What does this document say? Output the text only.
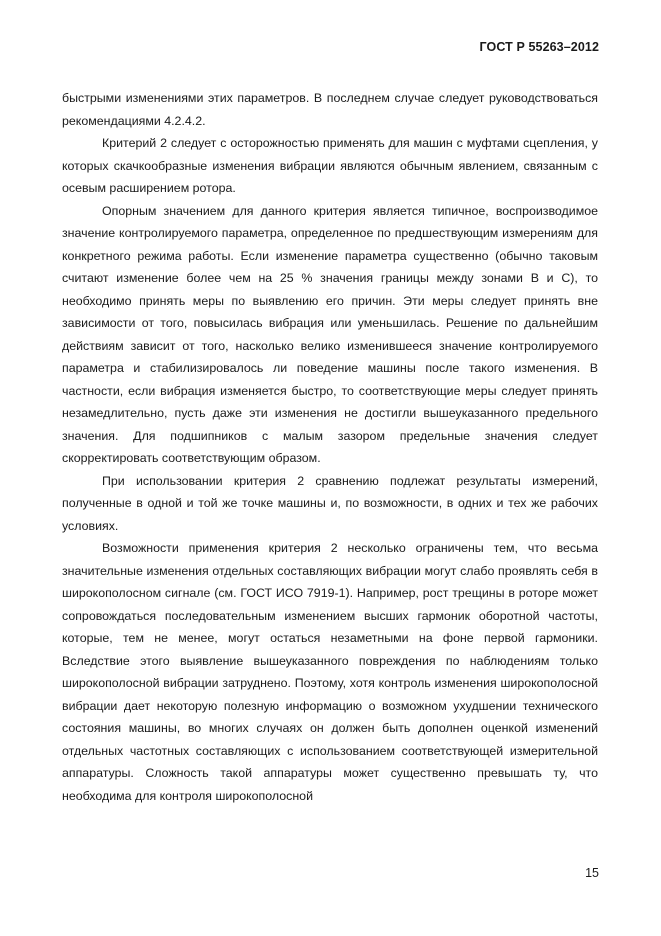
ГОСТ Р 55263–2012

быстрыми изменениями этих параметров. В последнем случае следует руководствоваться рекомендациями 4.2.4.2.

Критерий 2 следует с осторожностью применять для машин с муфтами сцепления, у которых скачкообразные изменения вибрации являются обычным явлением, связанным с осевым расширением ротора.

Опорным значением для данного критерия является типичное, воспроизводимое значение контролируемого параметра, определенное по предшествующим измерениям для конкретного режима работы. Если изменение параметра существенно (обычно таковым считают изменение более чем на 25 % значения границы между зонами В и С), то необходимо принять меры по выявлению его причин. Эти меры следует принять вне зависимости от того, повысилась вибрация или уменьшилась. Решение по дальнейшим действиям зависит от того, насколько велико изменившееся значение контролируемого параметра и стабилизировалось ли поведение машины после такого изменения. В частности, если вибрация изменяется быстро, то соответствующие меры следует принять незамедлительно, пусть даже эти изменения не достигли вышеуказанного предельного значения. Для подшипников с малым зазором предельные значения следует скорректировать соответствующим образом.

При использовании критерия 2 сравнению подлежат результаты измерений, полученные в одной и той же точке машины и, по возможности, в одних и тех же рабочих условиях.

Возможности применения критерия 2 несколько ограничены тем, что весьма значительные изменения отдельных составляющих вибрации могут слабо проявлять себя в широкополосном сигнале (см. ГОСТ ИСО 7919-1). Например, рост трещины в роторе может сопровождаться последовательным изменением высших гармоник оборотной частоты, которые, тем не менее, могут остаться незаметными на фоне первой гармоники. Вследствие этого выявление вышеуказанного повреждения по наблюдениям только широкополосной вибрации затруднено. Поэтому, хотя контроль изменения широкополосной вибрации дает некоторую полезную информацию о возможном ухудшении технического состояния машины, во многих случаях он должен быть дополнен оценкой изменений отдельных частотных составляющих с использованием соответствующей измерительной аппаратуры. Сложность такой аппаратуры может существенно превышать ту, что необходима для контроля широкополосной

15
